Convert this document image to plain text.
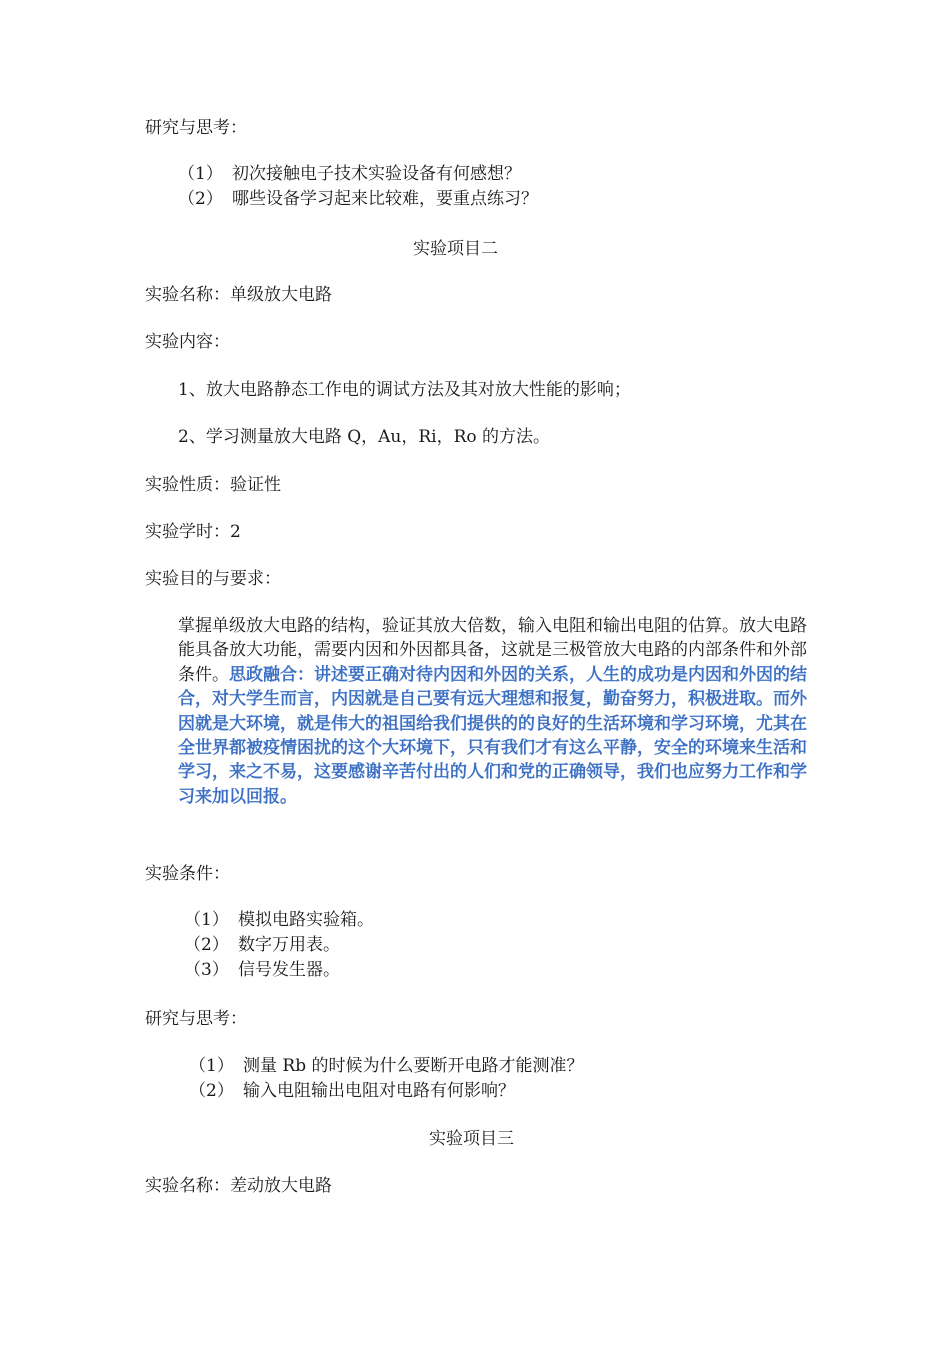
研究与思考：
（1） 初次接触电子技术实验设备有何感想？
（2） 哪些设备学习起来比较难，要重点练习？
实验项目二
实验名称：单级放大电路
实验内容：
1、放大电路静态工作电的调试方法及其对放大性能的影响；
2、学习测量放大电路 Q，Au，Ri，Ro 的方法。
实验性质：验证性
实验学时：2
实验目的与要求：
掌握单级放大电路的结构，验证其放大倍数，输入电阻和输出电阻的估算。放大电路能具备放大功能，需要内因和外因都具备，这就是三极管放大电路的内部条件和外部条件。思政融合：讲述要正确对待内因和外因的关系，人生的成功是内因和外因的结合，对大学生而言，内因就是自己要有远大理想和报复，勤奋努力，积极进取。而外因就是大环境，就是伟大的祖国给我们提供的的良好的生活环境和学习环境，尤其在全世界都被疫情困扰的这个大环境下，只有我们才有这么平静，安全的环境来生活和学习，来之不易，这要感谢辛苦付出的人们和党的正确领导，我们也应努力工作和学习来加以回报。
实验条件：
（1） 模拟电路实验箱。
（2） 数字万用表。
（3） 信号发生器。
研究与思考：
（1） 测量 Rb 的时候为什么要断开电路才能测准？
（2） 输入电阻输出电阻对电路有何影响？
实验项目三
实验名称：差动放大电路
